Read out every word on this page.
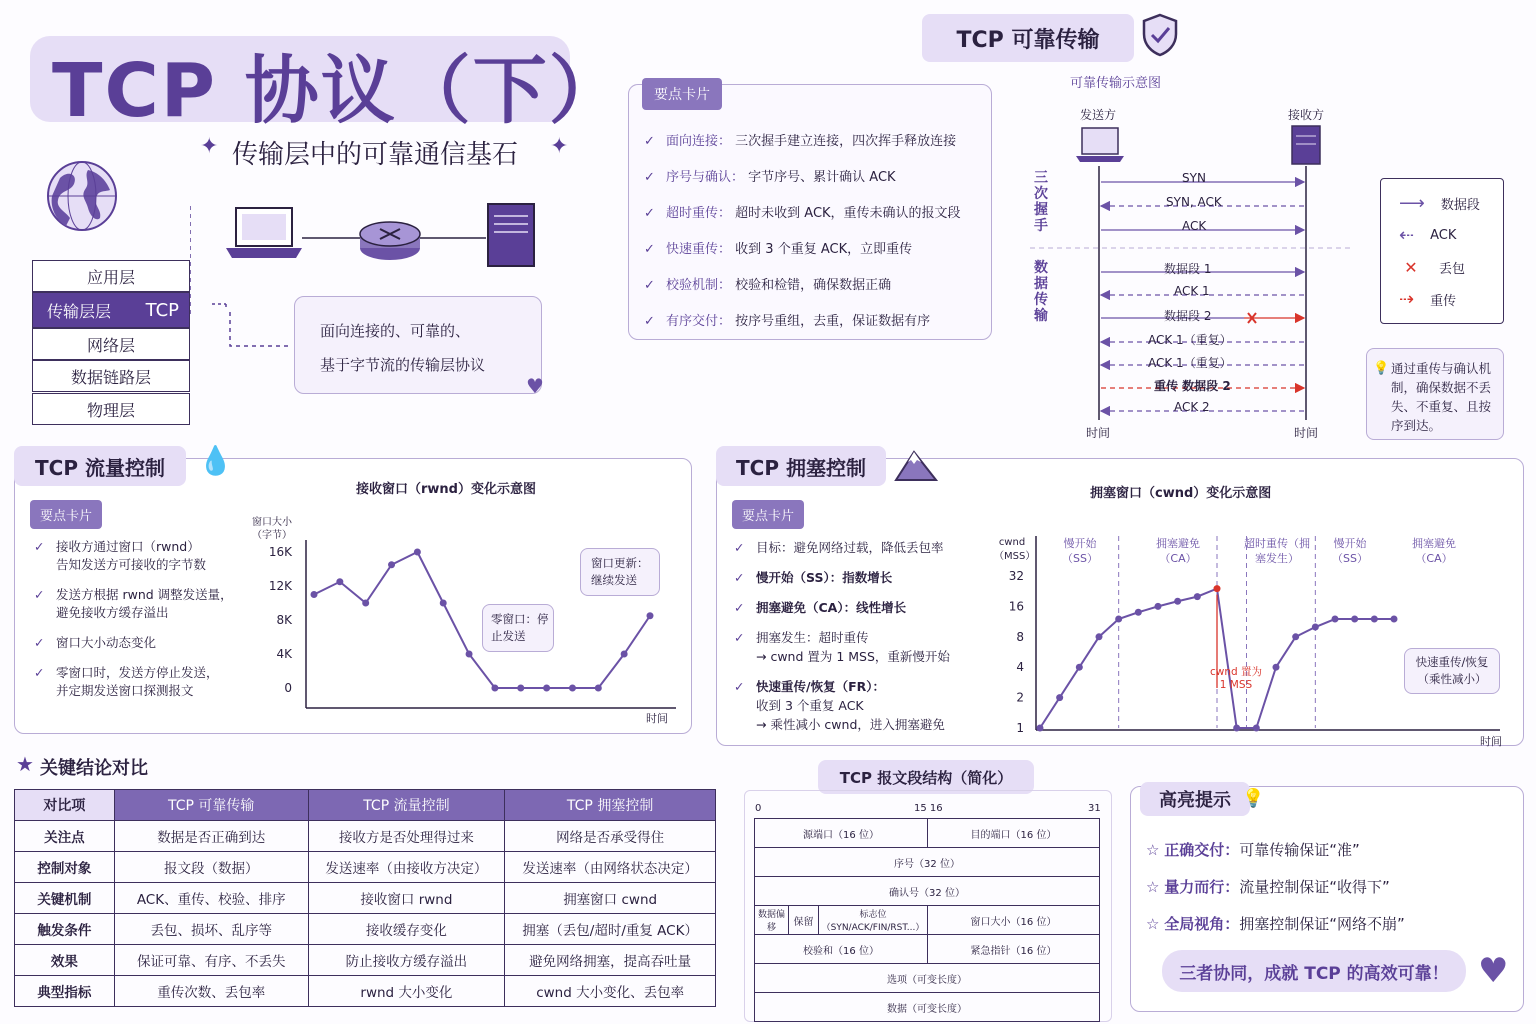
TCP 协议（下）
✦ 传输层中的可靠通信基石 ✦
应用层
传输层层 TCP
网络层
数据链路层
物理层
面向连接的、可靠的、
基于字节流的传输层协议
♥
要点卡片
✓ 面向连接： 三次握手建立连接，四次挥手释放连接
✓ 序号与确认： 字节序号、累计确认 ACK
✓ 超时重传： 超时未收到 ACK，重传未确认的报文段
✓ 快速重传： 收到 3 个重复 ACK，立即重传
✓ 校验机制： 校验和检错，确保数据正确
✓ 有序交付： 按序号重组，去重，保证数据有序
TCP 可靠传输
可靠传输示意图
发送方	接收方
三次握手
数据传输
时间	时间
SYN
SYN, ACK
ACK
数据段 1
ACK 1
数据段 2
ACK 1（重复）
ACK 1（重复）
重传 数据段 2
ACK 2
⟶ 数据段
⇠ ACK
✕	丢包
⇢ 重传
💡 通过重传与确认机制，确保数据不丢失、不重复、且按序到达。
TCP 流量控制 💧
要点卡片
✓ 接收方通过窗口（rwnd）
告知发送方可接收的字节数
✓ 发送方根据 rwnd 调整发送量，
避免接收方缓存溢出
✓ 窗口大小动态变化
✓ 零窗口时，发送方停止发送，
并定期发送窗口探测报文
接收窗口（rwnd）变化示意图
窗口大小（字节）
时间
0
4K
8K
12K
16K
零窗口：停止发送
窗口更新：继续发送
TCP 拥塞控制
要点卡片
✓ 目标：避免网络过载，降低丢包率
✓ 慢开始（SS）：指数增长
✓ 拥塞避免（CA）：线性增长
✓ 拥塞发生：超时重传
→ cwnd 置为 1 MSS，重新慢开始
✓ 快速重传/恢复（FR）：
收到 3 个重复 ACK
→ 乘性减小 cwnd，进入拥塞避免
拥塞窗口（cwnd）变化示意图
cwnd（MSS）
时间
慢开始（SS）
拥塞避免（CA）
超时重传（拥塞发生）
慢开始（SS）
拥塞避免（CA）
1
2
4
8
16
32
cwnd 置为 1 MSS
快速重传/恢复（乘性减小）
★ 关键结论对比
对比项	TCP 可靠传输	TCP 流量控制	TCP 拥塞控制
关注点	数据是否正确到达	接收方是否处理得过来	网络是否承受得住
控制对象	报文段（数据）	发送速率（由接收方决定）	发送速率（由网络状态决定）
关键机制	ACK、重传、校验、排序	接收窗口 rwnd	拥塞窗口 cwnd
触发条件	丢包、损坏、乱序等	接收缓存变化	拥塞（丢包/超时/重复 ACK）
效果	保证可靠、有序、不丢失	防止接收方缓存溢出	避免网络拥塞，提高吞吐量
典型指标	重传次数、丢包率	rwnd 大小变化	cwnd 大小变化、丢包率
TCP 报文段结构（简化）
0	15 16	31
源端口（16 位）			目的端口（16 位）
序号（32 位）			
确认号（32 位）			
数据偏移	保留	标志位（SYN/ACK/FIN/RST...）	窗口大小（16 位）
校验和（16 位）			紧急指针（16 位）
选项（可变长度）			
数据（可变长度）			
高亮提示 💡
☆ 正确交付：可靠传输保证“准”
☆ 量力而行：流量控制保证“收得下”
☆ 全局视角：拥塞控制保证“网络不崩”
三者协同，成就 TCP 的高效可靠！ ♥
